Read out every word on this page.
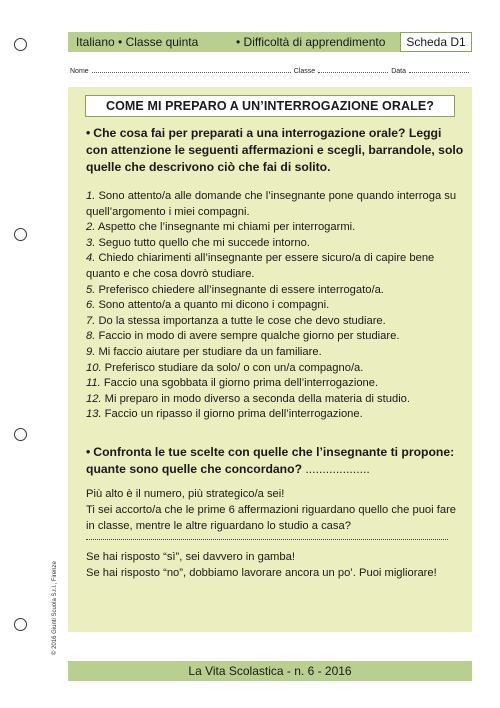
Italiano • Classe quinta	• Difficoltà di apprendimento	Scheda D1
Nome	Classe	Data
COME MI PREPARO A UN’INTERROGAZIONE ORALE?
• Che cosa fai per preparati a una interrogazione orale? Leggi con attenzione le seguenti affermazioni e scegli, barrandole, solo quelle che descrivono ciò che fai di solito.
1. Sono attento/a alle domande che l’insegnante pone quando interroga su quell’argomento i miei compagni.
2. Aspetto che l’insegnante mi chiami per interrogarmi.
3. Seguo tutto quello che mi succede intorno.
4. Chiedo chiarimenti all’insegnante per essere sicuro/a di capire bene quanto e che cosa dovrò studiare.
5. Preferisco chiedere all’insegnante di essere interrogato/a.
6. Sono attento/a a quanto mi dicono i compagni.
7. Do la stessa importanza a tutte le cose che devo studiare.
8. Faccio in modo di avere sempre qualche giorno per studiare.
9. Mi faccio aiutare per studiare da un familiare.
10. Preferisco studiare da solo/ o con un/a compagno/a.
11. Faccio una sgobbata il giorno prima dell’interrogazione.
12. Mi preparo in modo diverso a seconda della materia di studio.
13. Faccio un ripasso il giorno prima dell’interrogazione.
• Confronta le tue scelte con quelle che l’insegnante ti propone: quante sono quelle che concordano? ...................
Più alto è il numero, più strategico/a sei!
Ti sei accorto/a che le prime 6 affermazioni riguardano quello che puoi fare in classe, mentre le altre riguardano lo studio a casa?
Se hai risposto “sì”, sei davvero in gamba!
Se hai risposto “no”, dobbiamo lavorare ancora un po’. Puoi migliorare!
© 2016 Giunti Scuola S.r.l., Firenze
La Vita Scolastica - n. 6 - 2016
